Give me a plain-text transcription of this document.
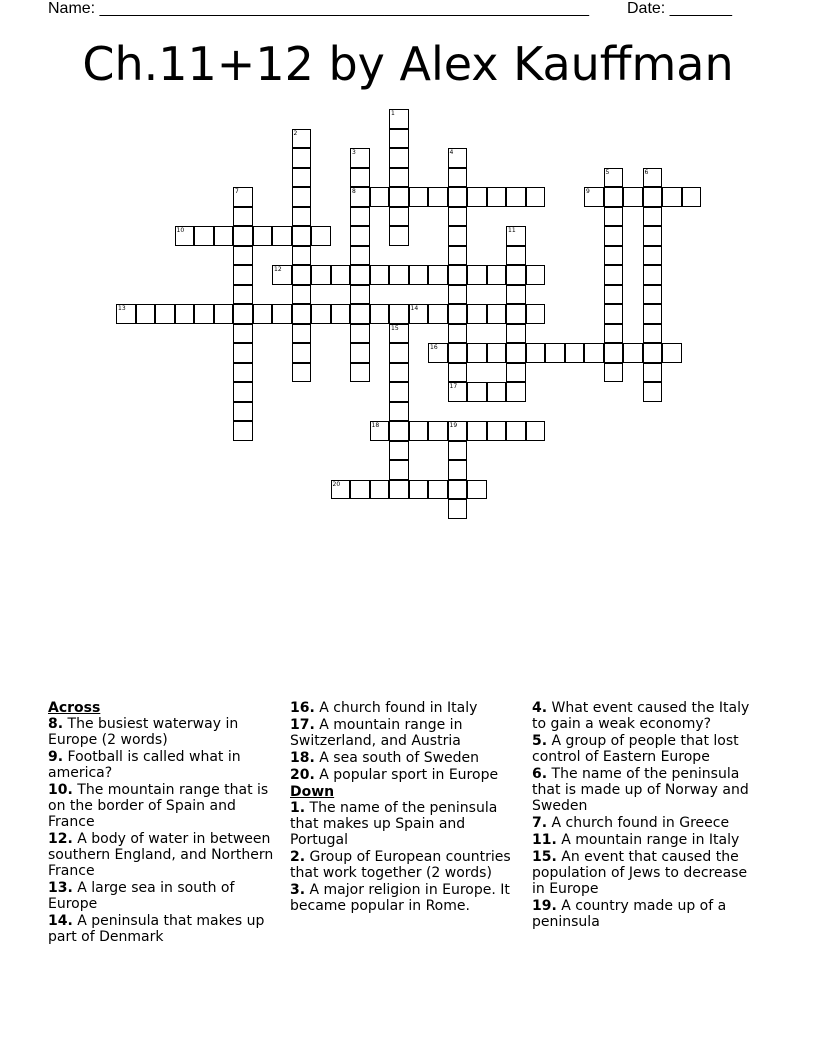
Name: _______________________________________________________ Date: _______
Ch.11+12 by Alex Kauffman
1
2
3
8
4
17
5	6
7	9
10	11
12
13	14
15
16
18	19
20
Across
8. The busiest waterway in Europe (2 words)
9. Football is called what in america?
10. The mountain range that is on the border of Spain and France
12. A body of water in between southern England, and Northern France
13. A large sea in south of Europe
14. A peninsula that makes up part of Denmark
16. A church found in Italy
17. A mountain range in Switzerland, and Austria
18. A sea south of Sweden
20. A popular sport in Europe
Down
1. The name of the peninsula that makes up Spain and Portugal
2. Group of European countries that work together (2 words)
3. A major religion in Europe. It became popular in Rome.
4. What event caused the Italy to gain a weak economy?
5. A group of people that lost control of Eastern Europe
6. The name of the peninsula that is made up of Norway and Sweden
7. A church found in Greece
11. A mountain range in Italy
15. An event that caused the population of Jews to decrease in Europe
19. A country made up of a peninsula
